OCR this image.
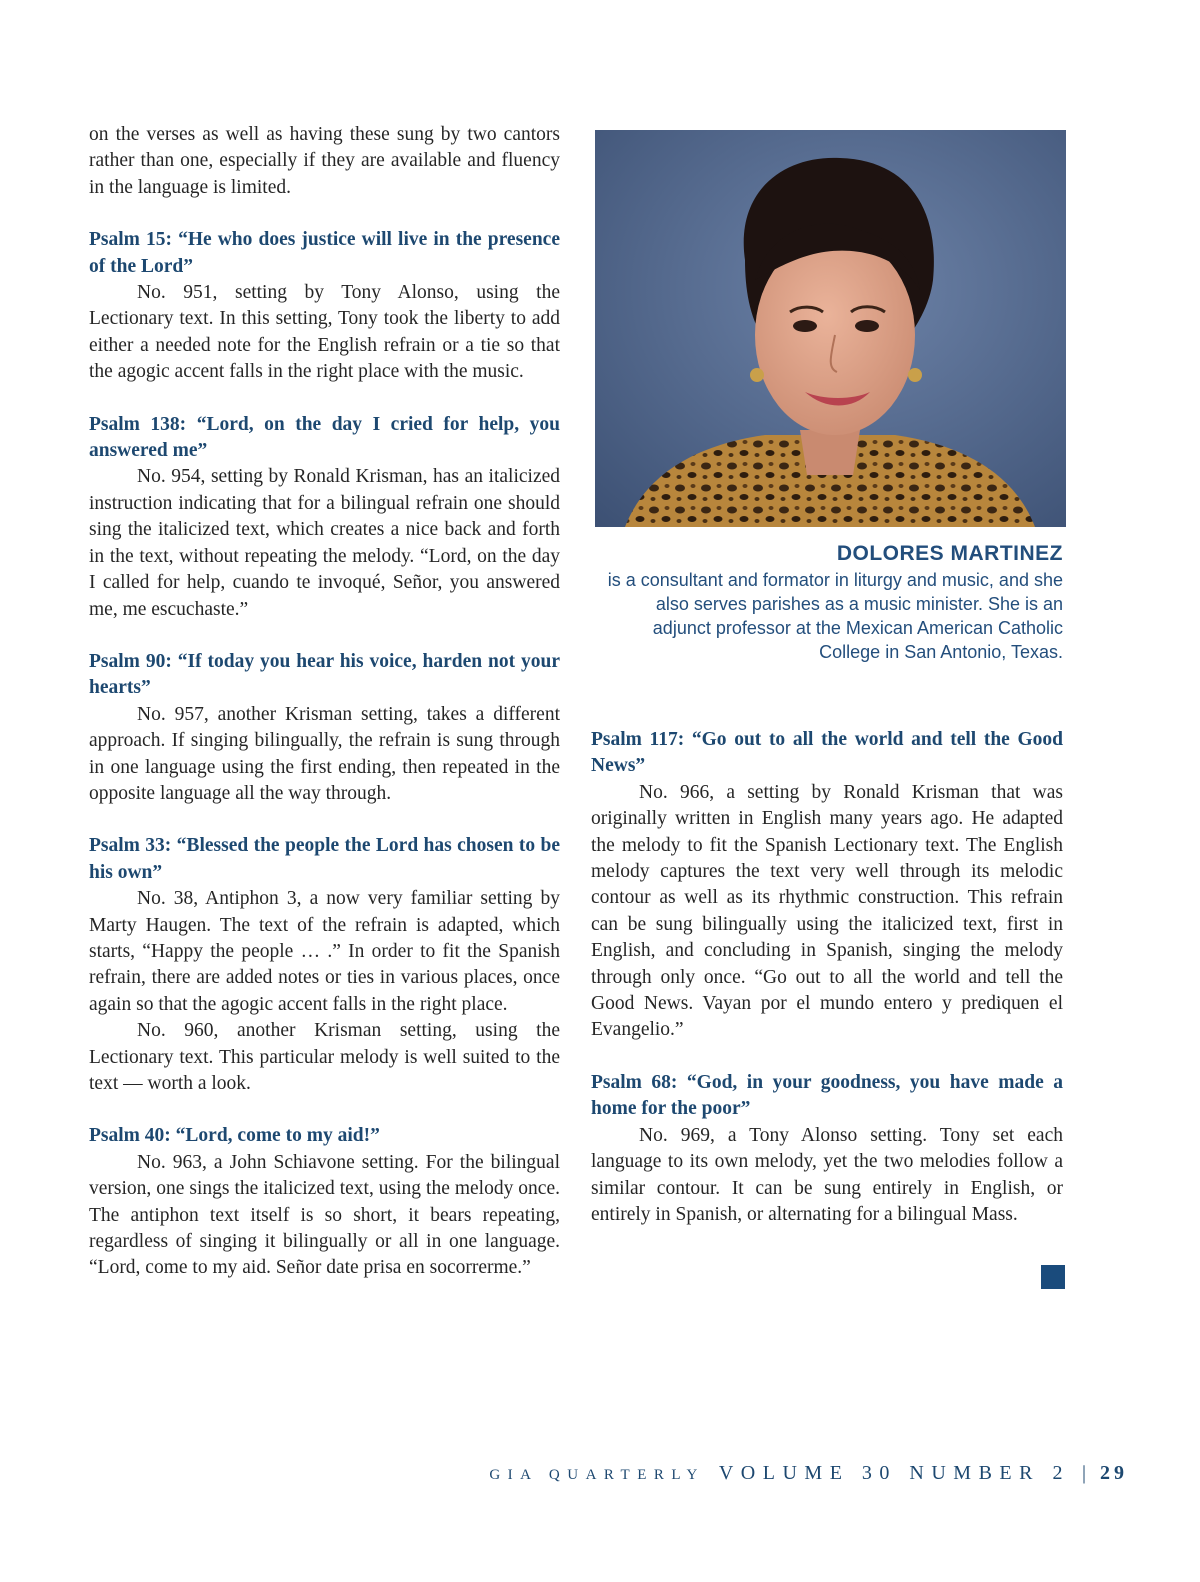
on the verses as well as having these sung by two cantors rather than one, especially if they are available and fluency in the language is limited.

Psalm 15: “He who does justice will live in the presence of the Lord”

No. 951, setting by Tony Alonso, using the Lectionary text. In this setting, Tony took the liberty to add either a needed note for the English refrain or a tie so that the agogic accent falls in the right place with the music.

Psalm 138: “Lord, on the day I cried for help, you answered me”

No. 954, setting by Ronald Krisman, has an italicized instruction indicating that for a bilingual refrain one should sing the italicized text, which creates a nice back and forth in the text, without repeating the melody. “Lord, on the day I called for help, cuando te invoqué, Señor, you answered me, me escuchaste.”

Psalm 90: “If today you hear his voice, harden not your hearts”

No. 957, another Krisman setting, takes a different approach. If singing bilingually, the refrain is sung through in one language using the first ending, then repeated in the opposite language all the way through.

Psalm 33: “Blessed the people the Lord has chosen to be his own”

No. 38, Antiphon 3, a now very familiar setting by Marty Haugen. The text of the refrain is adapted, which starts, “Happy the people … .” In order to fit the Spanish refrain, there are added notes or ties in various places, once again so that the agogic accent falls in the right place.

No. 960, another Krisman setting, using the Lectionary text. This particular melody is well suited to the text — worth a look.

Psalm 40: “Lord, come to my aid!”

No. 963, a John Schiavone setting. For the bilingual version, one sings the italicized text, using the melody once. The antiphon text itself is so short, it bears repeating, regardless of singing it bilingually or all in one language. “Lord, come to my aid. Señor date prisa en socorrerme.”

DOLORES MARTINEZ
is a consultant and formator in liturgy and music, and she also serves parishes as a music minister. She is an adjunct professor at the Mexican American Catholic College in San Antonio, Texas.

Psalm 117: “Go out to all the world and tell the Good News”

No. 966, a setting by Ronald Krisman that was originally written in English many years ago. He adapted the melody to fit the Spanish Lectionary text. The English melody captures the text very well through its melodic contour as well as its rhythmic construction. This refrain can be sung bilingually using the italicized text, first in English, and concluding in Spanish, singing the melody through only once. “Go out to all the world and tell the Good News. Vayan por el mundo entero y prediquen el Evangelio.”

Psalm 68: “God, in your goodness, you have made a home for the poor”

No. 969, a Tony Alonso setting. Tony set each language to its own melody, yet the two melodies follow a similar contour. It can be sung entirely in English, or entirely in Spanish, or alternating for a bilingual Mass.

GIA QUARTERLY VOLUME 30 NUMBER 2 | 29
